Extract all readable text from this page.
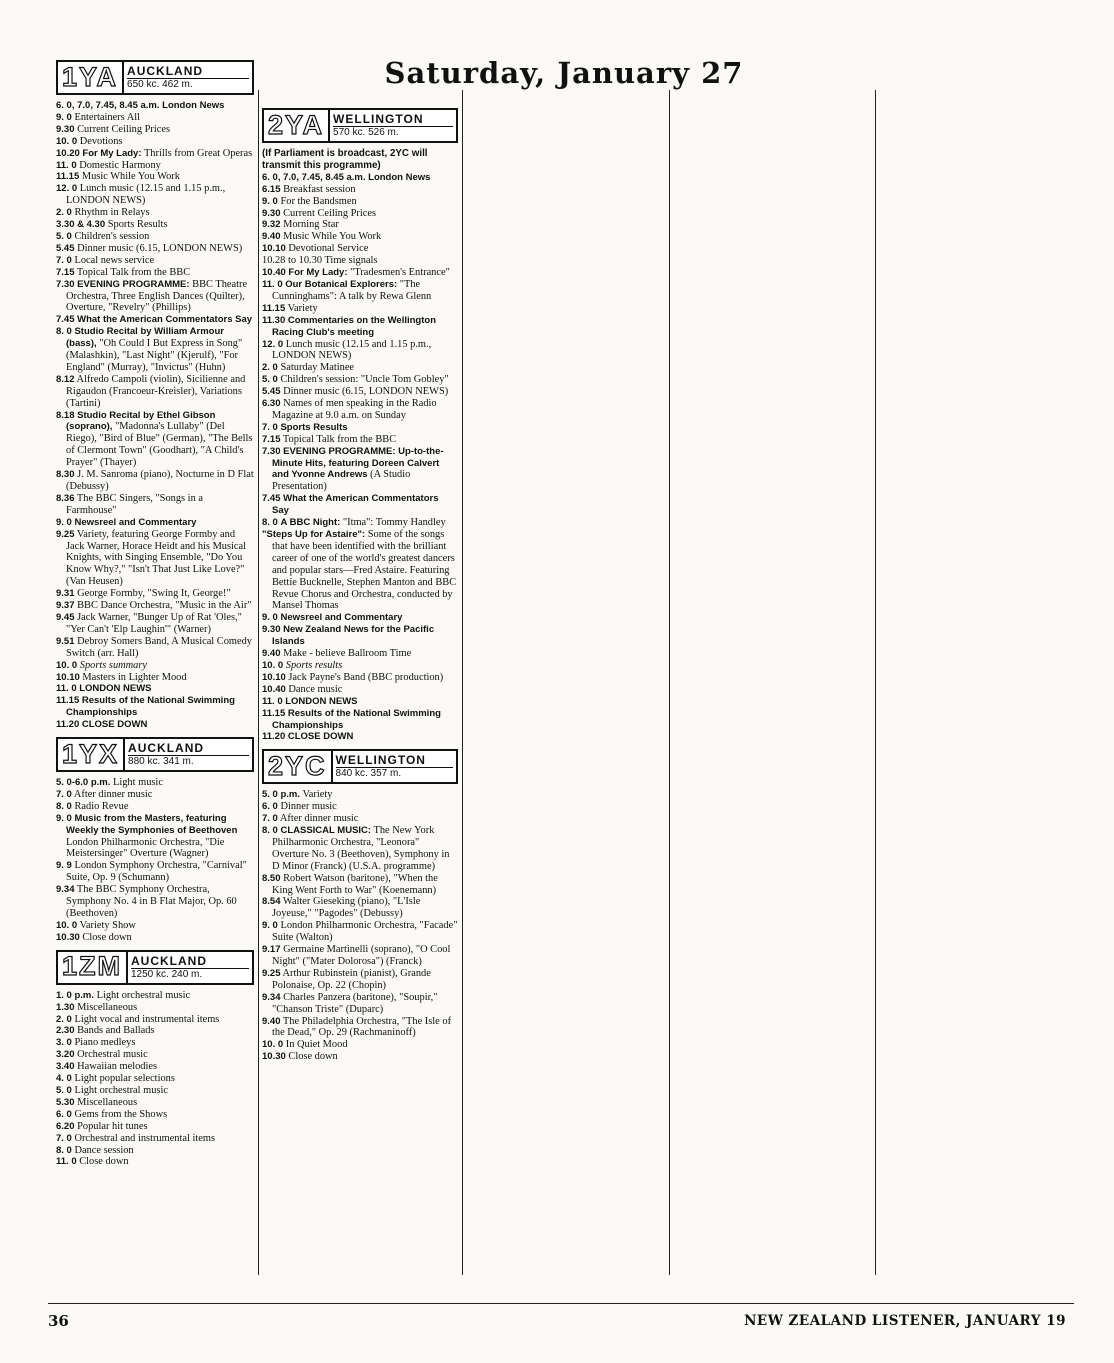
Saturday, January 27
1YA AUCKLAND
650 kc. 462 m.

6. 0, 7.0, 7.45, 8.45 a.m. London News

9. 0 Entertainers All

9.30 Current Ceiling Prices

10. 0 Devotions

10.20 For My Lady: Thrills from Great Operas

11. 0 Domestic Harmony

11.15 Music While You Work

12. 0 Lunch music (12.15 and 1.15 p.m., LONDON NEWS)

2. 0 Rhythm in Relays

3.30 & 4.30 Sports Results

5. 0 Children's session

5.45 Dinner music (6.15, LONDON NEWS)

7. 0 Local news service

7.15 Topical Talk from the BBC

7.30 EVENING PROGRAMME: BBC Theatre Orchestra, Three English Dances (Quilter), Overture, "Revelry" (Phillips)

7.45 What the American Commentators Say

8. 0 Studio Recital by William Armour (bass), "Oh Could I But Express in Song" (Malashkin), "Last Night" (Kjerulf), "For England" (Murray), "Invictus" (Huhn)

8.12 Alfredo Campoli (violin), Sicilienne and Rigaudon (Francoeur-Kreisler), Variations (Tartini)

8.18 Studio Recital by Ethel Gibson (soprano), "Madonna's Lullaby" (Del Riego), "Bird of Blue" (German), "The Bells of Clermont Town" (Goodhart), "A Child's Prayer" (Thayer)

8.30 J. M. Sanroma (piano), Nocturne in D Flat (Debussy)

8.36 The BBC Singers, "Songs in a Farmhouse"

9. 0 Newsreel and Commentary

9.25 Variety, featuring George Formby and Jack Warner, Horace Heidt and his Musical Knights, with Singing Ensemble, "Do You Know Why?," "Isn't That Just Like Love?" (Van Heusen)

9.31 George Formby, "Swing It, George!"

9.37 BBC Dance Orchestra, "Music in the Air"

9.45 Jack Warner, "Bunger Up of Rat 'Oles," "Yer Can't 'Elp Laughin'" (Warner)

9.51 Debroy Somers Band, A Musical Comedy Switch (arr. Hall)

10. 0 Sports summary

10.10 Masters in Lighter Mood

11. 0 LONDON NEWS

11.15 Results of the National Swimming Championships

11.20 CLOSE DOWN

1YX AUCKLAND
880 kc. 341 m.

5. 0-6.0 p.m. Light music

7. 0 After dinner music

8. 0 Radio Revue

9. 0 Music from the Masters, featuring Weekly the Symphonies of Beethoven London Philharmonic Orchestra, "Die Meistersinger" Overture (Wagner)

9. 9 London Symphony Orchestra, "Carnival" Suite, Op. 9 (Schumann)

9.34 The BBC Symphony Orchestra, Symphony No. 4 in B Flat Major, Op. 60 (Beethoven)

10. 0 Variety Show

10.30 Close down

1ZM AUCKLAND
1250 kc. 240 m.

1. 0 p.m. Light orchestral music

1.30 Miscellaneous

2. 0 Light vocal and instrumental items

2.30 Bands and Ballads

3. 0 Piano medleys

3.20 Orchestral music

3.40 Hawaiian melodies

4. 0 Light popular selections

5. 0 Light orchestral music

5.30 Miscellaneous

6. 0 Gems from the Shows

6.20 Popular hit tunes

7. 0 Orchestral and instrumental items

8. 0 Dance session

11. 0 Close down

2YA WELLINGTON
570 kc. 526 m.
(If Parliament is broadcast, 2YC will transmit this programme)

6. 0, 7.0, 7.45, 8.45 a.m. London News

6.15 Breakfast session

9. 0 For the Bandsmen

9.30 Current Ceiling Prices

9.32 Morning Star

9.40 Music While You Work

10.10 Devotional Service

10.28 to 10.30 Time signals

10.40 For My Lady: "Tradesmen's Entrance"

11. 0 Our Botanical Explorers: "The Cunninghams": A talk by Rewa Glenn

11.15 Variety

11.30 Commentaries on the Wellington Racing Club's meeting

12. 0 Lunch music (12.15 and 1.15 p.m., LONDON NEWS)

2. 0 Saturday Matinee

5. 0 Children's session: "Uncle Tom Gobley"

5.45 Dinner music (6.15, LONDON NEWS)

6.30 Names of men speaking in the Radio Magazine at 9.0 a.m. on Sunday

7. 0 Sports Results

7.15 Topical Talk from the BBC

7.30 EVENING PROGRAMME: Up-to-the-Minute Hits, featuring Doreen Calvert and Yvonne Andrews (A Studio Presentation)

7.45 What the American Commentators Say

8. 0 A BBC Night: "Itma": Tommy Handley

"Steps Up for Astaire": Some of the songs that have been identified with the brilliant career of one of the world's greatest dancers and popular stars—Fred Astaire. Featuring Bettie Bucknelle, Stephen Manton and BBC Revue Chorus and Orchestra, conducted by Mansel Thomas

9. 0 Newsreel and Commentary

9.30 New Zealand News for the Pacific Islands

9.40 Make - believe Ballroom Time

10. 0 Sports results

10.10 Jack Payne's Band (BBC production)

10.40 Dance music

11. 0 LONDON NEWS

11.15 Results of the National Swimming Championships

11.20 CLOSE DOWN

2YC WELLINGTON
840 kc. 357 m.

5. 0 p.m. Variety

6. 0 Dinner music

7. 0 After dinner music

8. 0 CLASSICAL MUSIC: The New York Philharmonic Orchestra, "Leonora" Overture No. 3 (Beethoven), Symphony in D Minor (Franck) (U.S.A. programme)

8.50 Robert Watson (baritone), "When the King Went Forth to War" (Koenemann)

8.54 Walter Gieseking (piano), "L'Isle Joyeuse," "Pagodes" (Debussy)

9. 0 London Philharmonic Orchestra, "Facade" Suite (Walton)

9.17 Germaine Martinelli (soprano), "O Cool Night" ("Mater Dolorosa") (Franck)

9.25 Arthur Rubinstein (pianist), Grande Polonaise, Op. 22 (Chopin)

9.34 Charles Panzera (baritone), "Soupir," "Chanson Triste" (Duparc)

9.40 The Philadelphia Orchestra, "The Isle of the Dead," Op. 29 (Rachmaninoff)

10. 0 In Quiet Mood

10.30 Close down

36	NEW ZEALAND LISTENER, JANUARY 19
